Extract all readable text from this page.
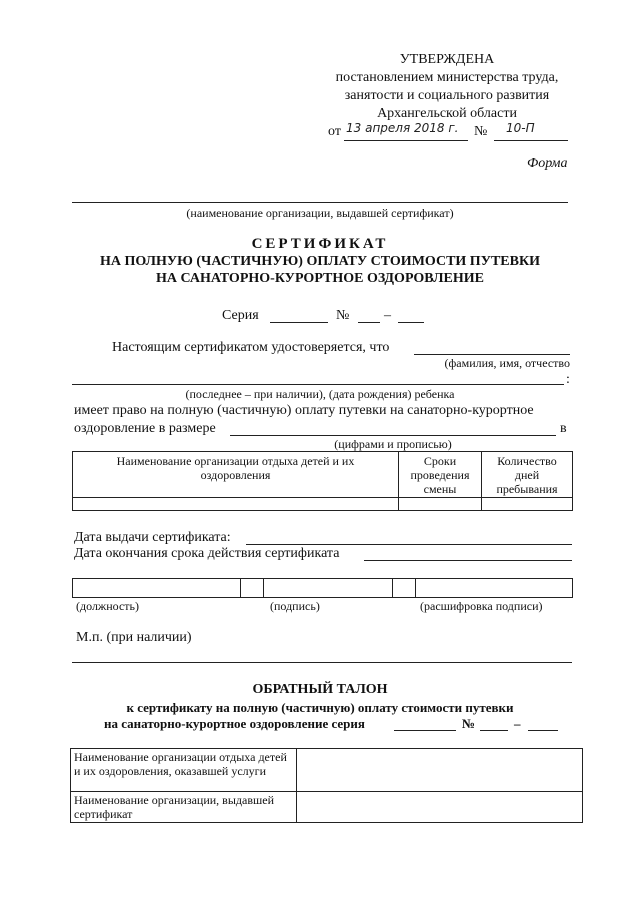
УТВЕРЖДЕНА
постановлением министерства труда,
занятости и социального развития
Архангельской области
от 13 апреля 2018 г. № 10-П
Форма
(наименование организации, выдавшей сертификат)
СЕРТИФИКАТ
НА ПОЛНУЮ (ЧАСТИЧНУЮ) ОПЛАТУ СТОИМОСТИ ПУТЕВКИ
НА САНАТОРНО-КУРОРТНОЕ ОЗДОРОВЛЕНИЕ
Серия	№ –
Настоящим сертификатом удостоверяется, что
(фамилия, имя, отчество
:
(последнее – при наличии), (дата рождения) ребенка
имеет право на полную (частичную) оплату путевки на санаторно-курортное
оздоровление в размере	в
(цифрами и прописью)
Наименование организации отдыха детей и их оздоровления	Сроки проведения смены	Количество дней пребывания

Дата выдачи сертификата:
Дата окончания срока действия сертификата

(должность)	(подпись)	(расшифровка подписи)
М.п. (при наличии)
ОБРАТНЫЙ ТАЛОН
к сертификату на полную (частичную) оплату стоимости путевки
на санаторно-курортное оздоровление серия	№	–
Наименование организации отдыха детей и их оздоровления, оказавшей услуги	

Наименование организации, выдавшей сертификат	
